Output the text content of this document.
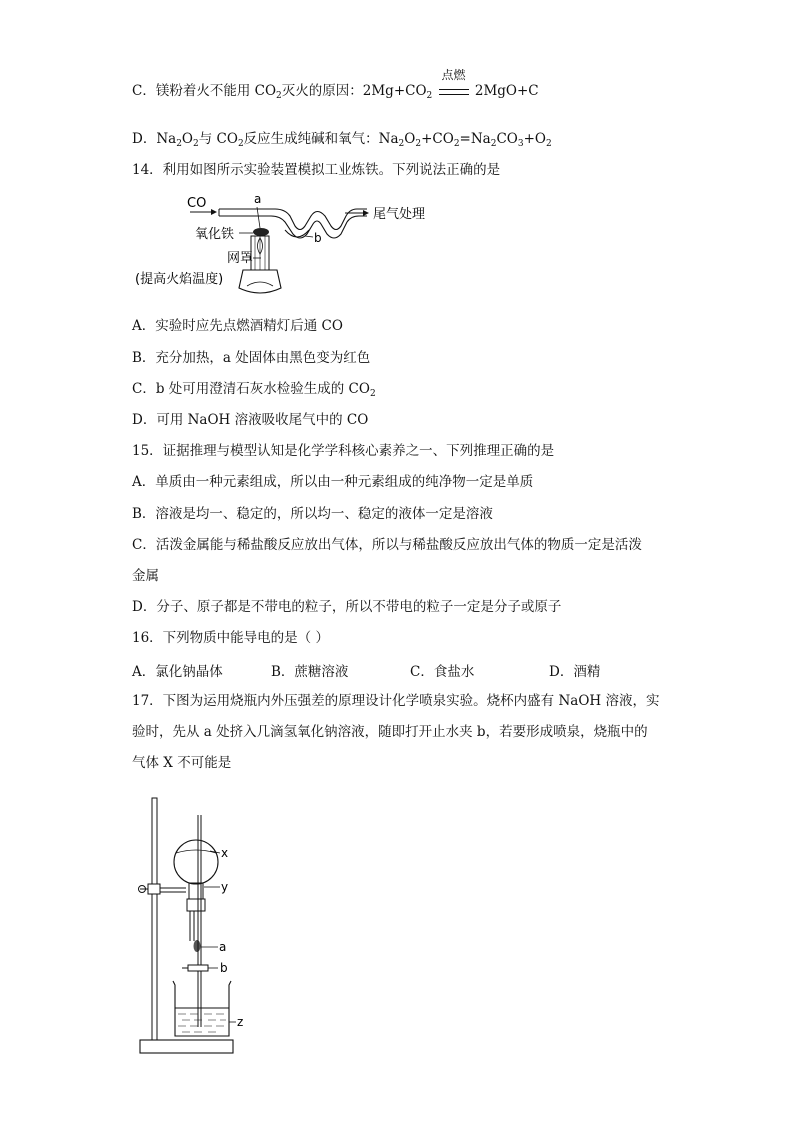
C．镁粉着火不能用 $CO_2$灭火的原因：$2Mg+CO_2$
点燃
2MgO+C
D．$Na_2O_2$与 $CO_2$反应生成纯碱和氧气：$Na_2O_2+CO_2=Na_2CO_3+O_2$
14．利用如图所示实验装置模拟工业炼铁。下列说法正确的是
CO	a
尾气处理
b
氧化铁
网罩
(提高火焰温度)
A．实验时应先点燃酒精灯后通 CO
B．充分加热，a 处固体由黑色变为红色
C．b 处可用澄清石灰水检验生成的 $CO_2$
D．可用 NaOH 溶液吸收尾气中的 CO
15．证据推理与模型认知是化学学科核心素养之一、下列推理正确的是
A．单质由一种元素组成，所以由一种元素组成的纯净物一定是单质
B．溶液是均一、稳定的，所以均一、稳定的液体一定是溶液
C．活泼金属能与稀盐酸反应放出气体，所以与稀盐酸反应放出气体的物质一定是活泼
金属
D．分子、原子都是不带电的粒子，所以不带电的粒子一定是分子或原子
16．下列物质中能导电的是（ ）
A．氯化钠晶体	B．蔗糖溶液	C．食盐水	D．酒精
17．下图为运用烧瓶内外压强差的原理设计化学喷泉实验。烧杯内盛有 NaOH 溶液，实
验时，先从 a 处挤入几滴氢氧化钠溶液，随即打开止水夹 b，若要形成喷泉，烧瓶中的
气体 X 不可能是
a
b
z
x
y
